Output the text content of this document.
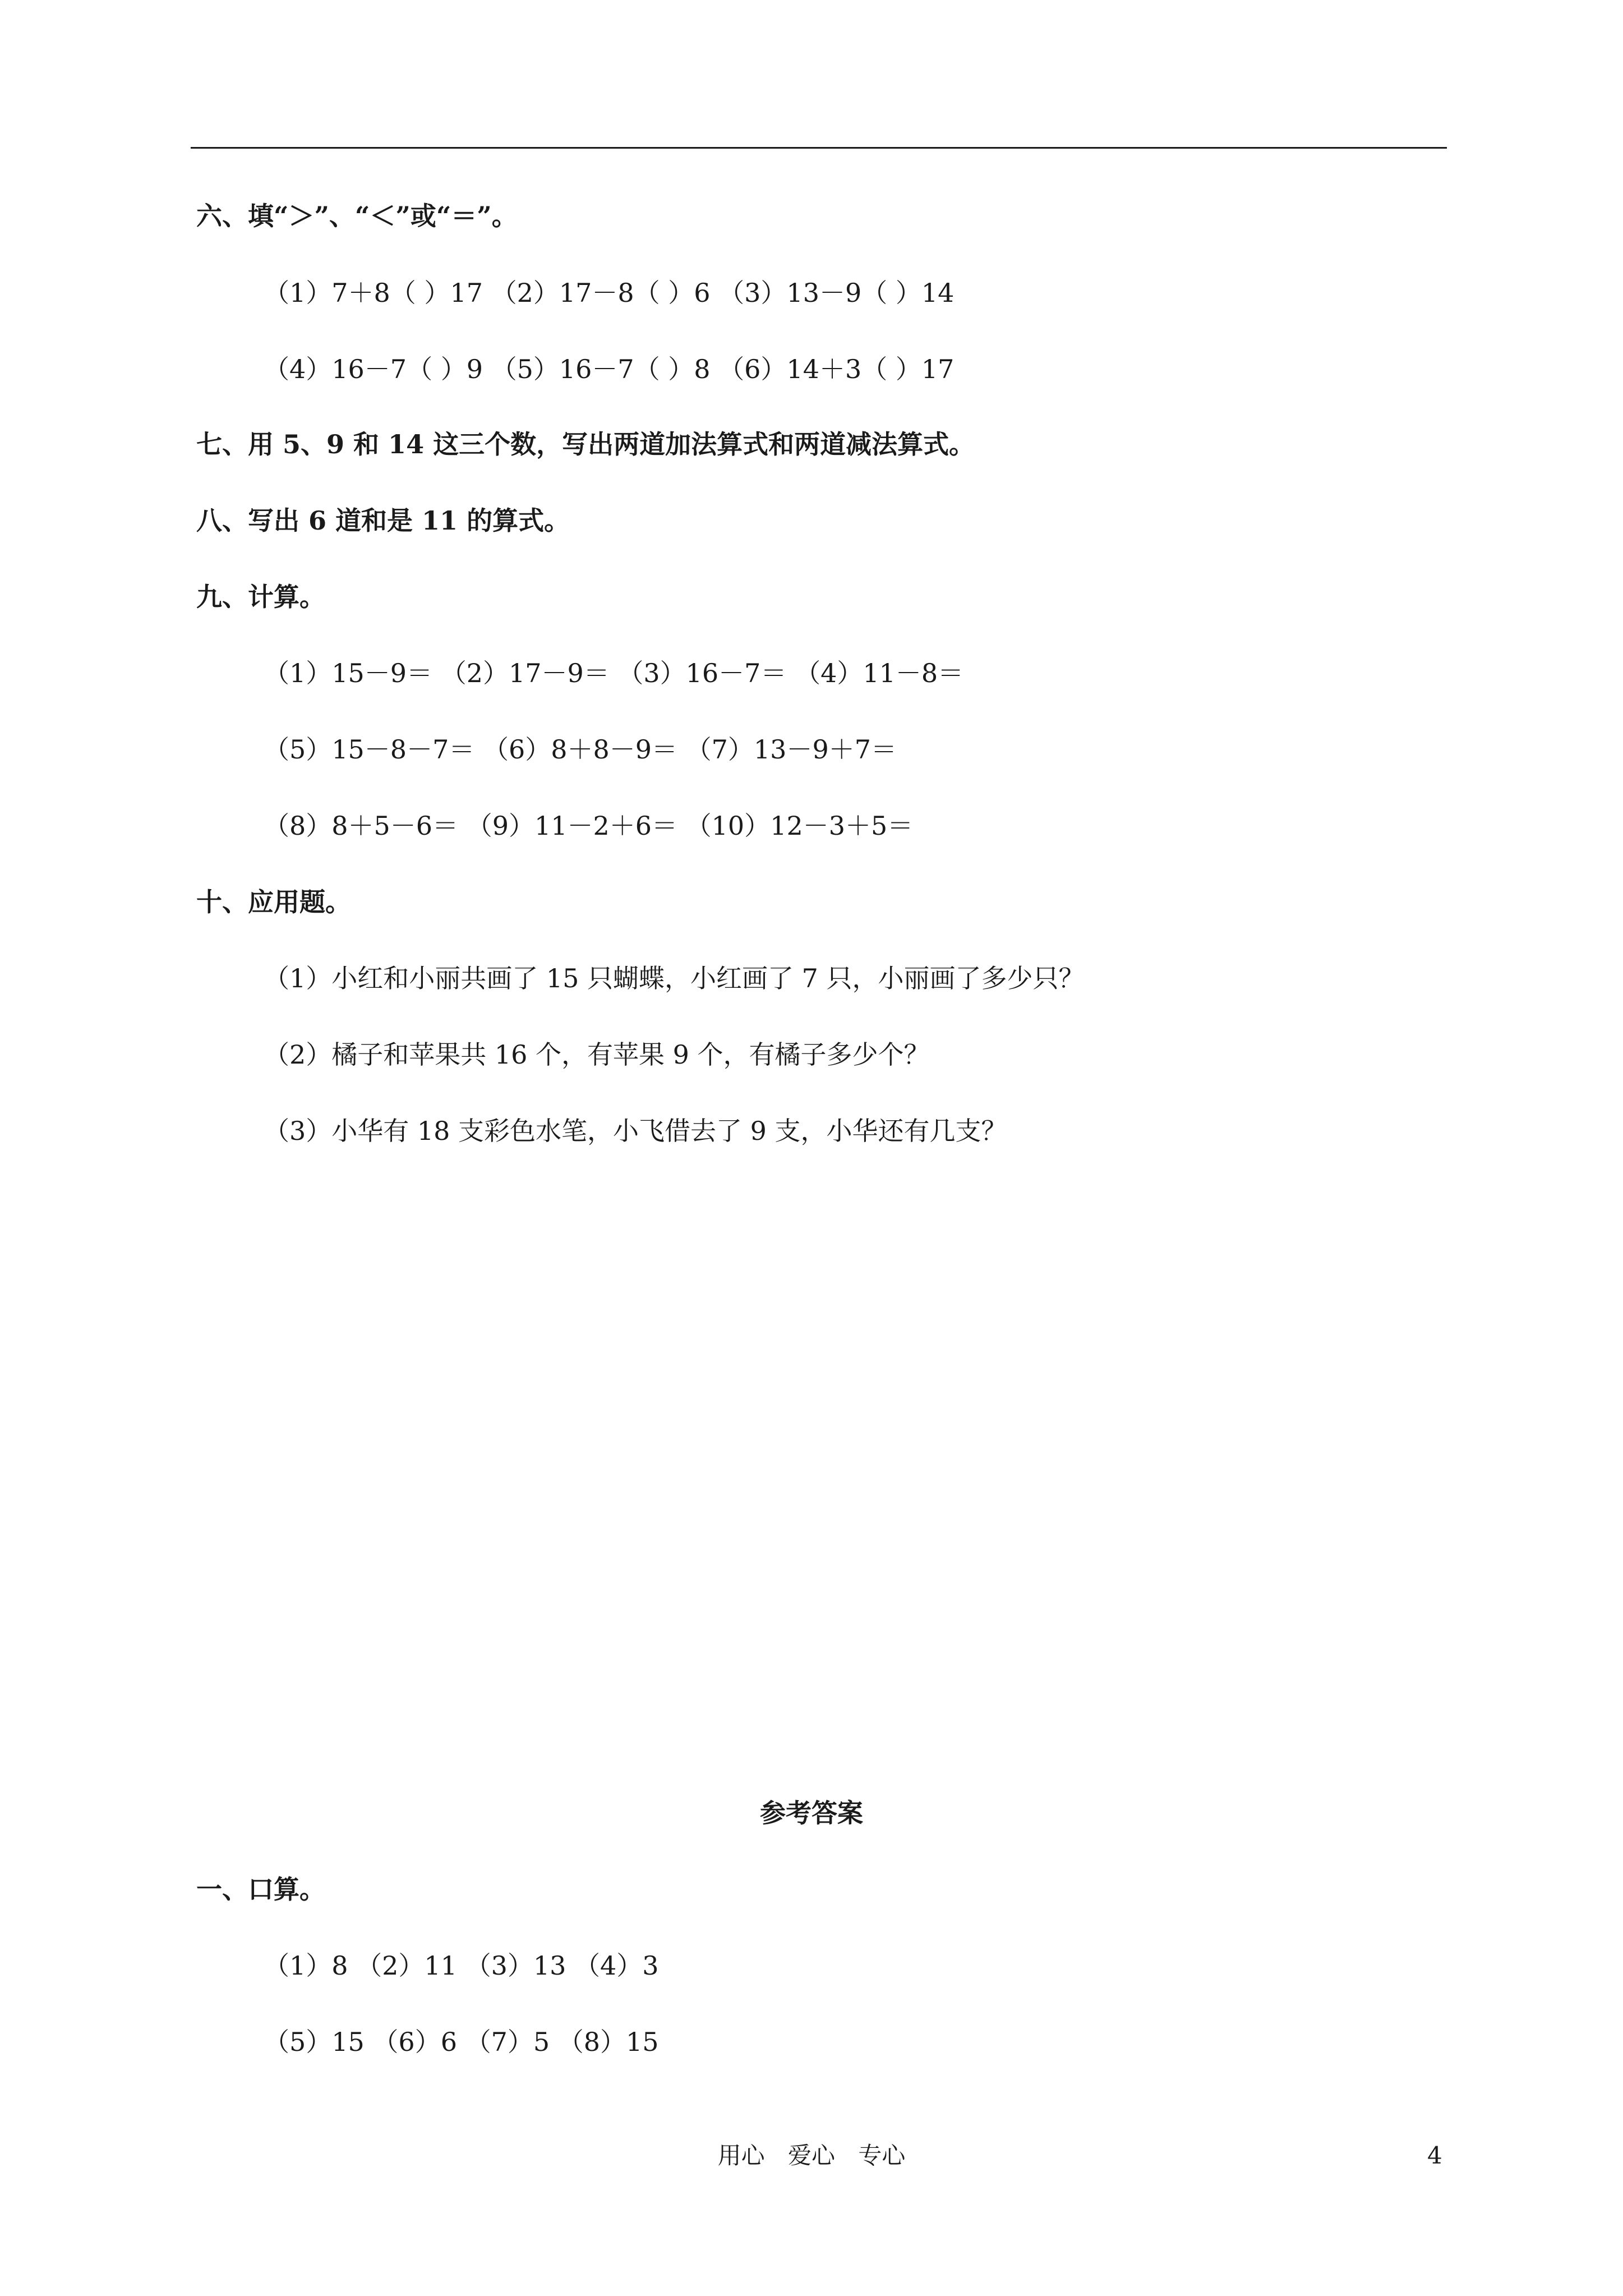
六、填“＞”、“＜”或“＝”。
（1）7＋8（ ）17 （2）17－8（ ）6 （3）13－9（ ）14
（4）16－7（ ）9 （5）16－7（ ）8 （6）14＋3（ ）17
七、用 5、9 和 14 这三个数，写出两道加法算式和两道减法算式。
八、写出 6 道和是 11 的算式。
九、计算。
（1）15－9＝ （2）17－9＝ （3）16－7＝ （4）11－8＝
（5）15－8－7＝ （6）8＋8－9＝ （7）13－9＋7＝
（8）8＋5－6＝ （9）11－2＋6＝ （10）12－3＋5＝
十、应用题。
（1）小红和小丽共画了 15 只蝴蝶，小红画了 7 只，小丽画了多少只？
（2）橘子和苹果共 16 个，有苹果 9 个，有橘子多少个？
（3）小华有 18 支彩色水笔，小飞借去了 9 支，小华还有几支？
参考答案
一、口算。
（1）8 （2）11 （3）13 （4）3
（5）15 （6）6 （7）5 （8）15
用心 爱心 专心	4
